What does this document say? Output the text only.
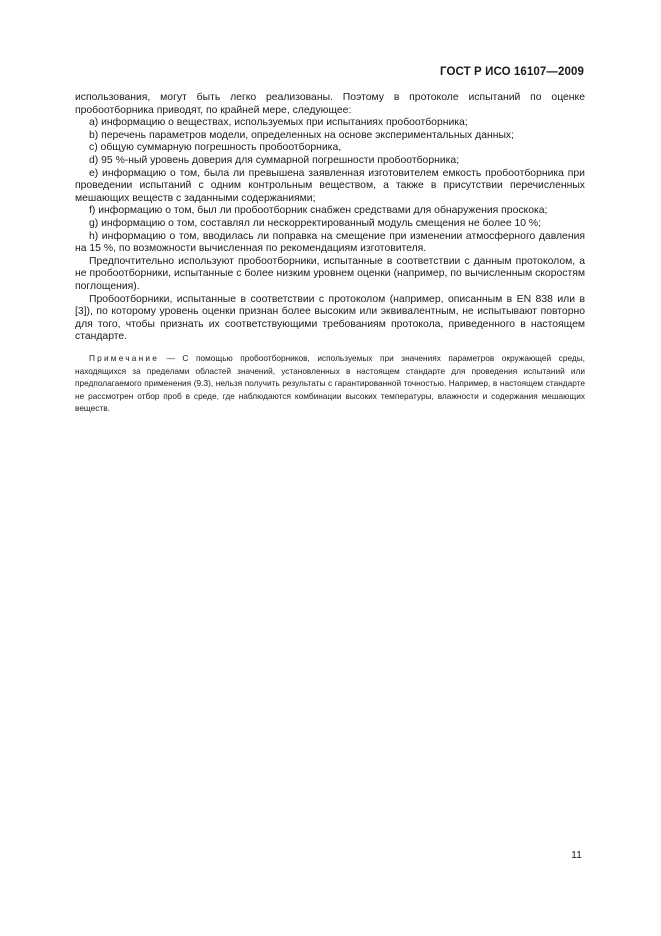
ГОСТ Р ИСО 16107—2009

использования, могут быть легко реализованы. Поэтому в протоколе испытаний по оценке пробоотборника приводят, по крайней мере, следующее:

a) информацию о веществах, используемых при испытаниях пробоотборника;

b) перечень параметров модели, определенных на основе экспериментальных данных;

c) общую суммарную погрешность пробоотборника,

d) 95 %-ный уровень доверия для суммарной погрешности пробоотборника;

e) информацию о том, была ли превышена заявленная изготовителем емкость пробоотборника при проведении испытаний с одним контрольным веществом, а также в присутствии перечисленных мешающих веществ с заданными содержаниями;

f) информацию о том, был ли пробоотборник снабжен средствами для обнаружения проскока;

g) информацию о том, составлял ли нескорректированный модуль смещения не более 10 %;

h) информацию о том, вводилась ли поправка на смещение при изменении атмосферного давления на 15 %, по возможности вычисленная по рекомендациям изготовителя.

Предпочтительно используют пробоотборники, испытанные в соответствии с данным протоколом, а не пробоотборники, испытанные с более низким уровнем оценки (например, по вычисленным скоростям поглощения).

Пробоотборники, испытанные в соответствии с протоколом (например, описанным в EN 838 или в [3]), по которому уровень оценки признан более высоким или эквивалентным, не испытывают повторно для того, чтобы признать их соответствующими требованиям протокола, приведенного в настоящем стандарте.

Примечание — С помощью пробоотборников, используемых при значениях параметров окружающей среды, находящихся за пределами областей значений, установленных в настоящем стандарте для проведения испытаний или предполагаемого применения (9.3), нельзя получить результаты с гарантированной точностью. Например, в настоящем стандарте не рассмотрен отбор проб в среде, где наблюдаются комбинации высоких температуры, влажности и содержания мешающих веществ.
11
